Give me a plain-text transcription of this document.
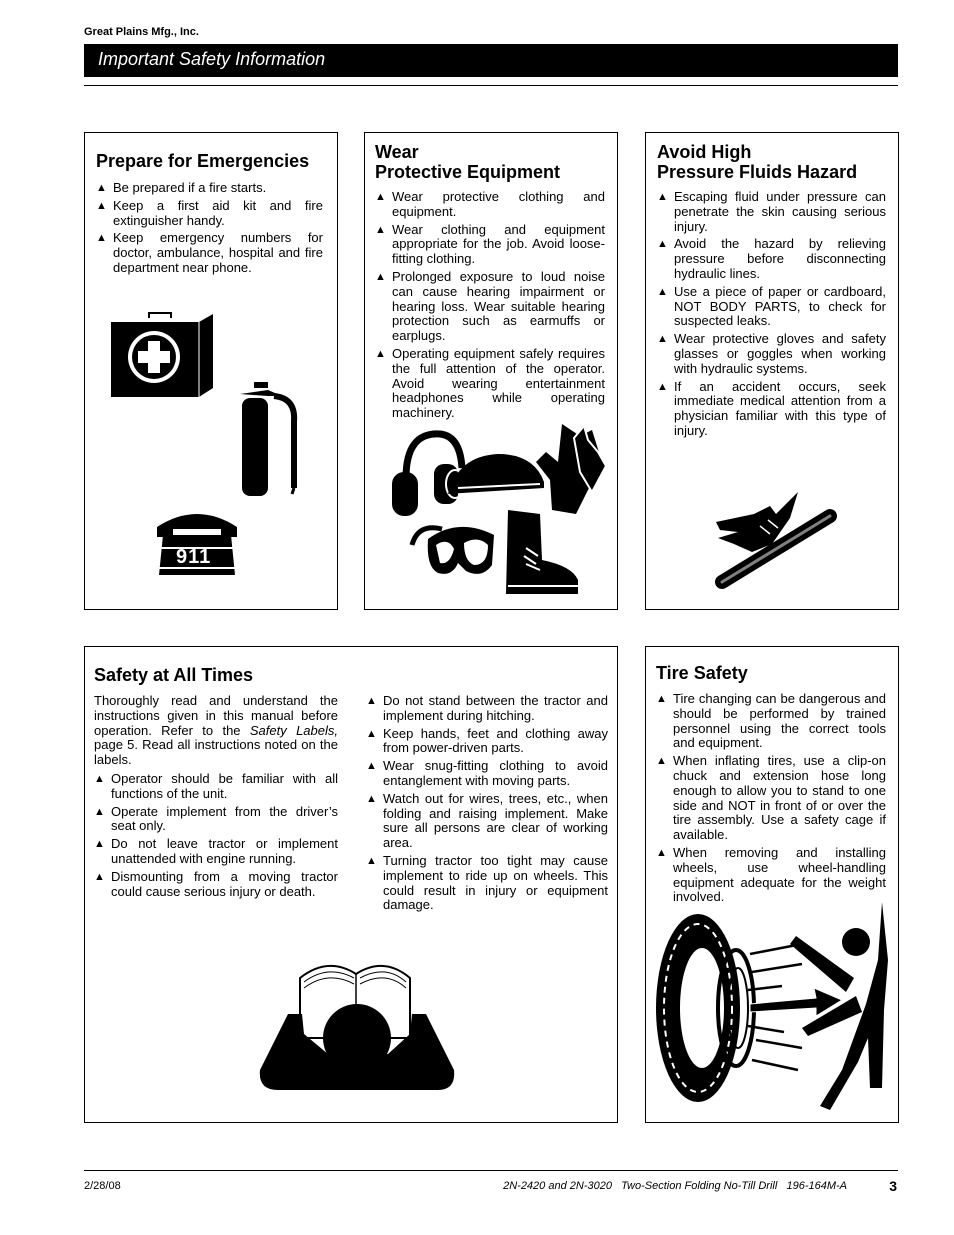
Great Plains Mfg., Inc.
Important Safety Information
Prepare for Emergencies
▲ Be prepared if a fire starts.
▲ Keep a first aid kit and fire extinguisher handy.
▲ Keep emergency numbers for doctor, ambulance, hospital and fire department near phone.
911
Wear
Protective Equipment
▲ Wear protective clothing and equipment.
▲ Wear clothing and equipment appropriate for the job. Avoid loose-fitting clothing.
▲ Prolonged exposure to loud noise can cause hearing impairment or hearing loss. Wear suitable hearing protection such as earmuffs or earplugs.
▲ Operating equipment safely requires the full attention of the operator. Avoid wearing entertainment headphones while operating machinery.
Avoid High
Pressure Fluids Hazard
▲ Escaping fluid under pressure can penetrate the skin causing serious injury.
▲ Avoid the hazard by relieving pressure before disconnecting hydraulic lines.
▲ Use a piece of paper or cardboard, NOT BODY PARTS, to check for suspected leaks.
▲ Wear protective gloves and safety glasses or goggles when working with hydraulic systems.
▲ If an accident occurs, seek immediate medical attention from a physician familiar with this type of injury.
Safety at All Times

Thoroughly read and understand the instructions given in this manual before operation. Refer to the Safety Labels, page 5. Read all instructions noted on the labels.

▲ Operator should be familiar with all functions of the unit.
▲ Operate implement from the driver’s seat only.
▲ Do not leave tractor or implement unattended with engine running.
▲ Dismounting from a moving tractor could cause serious injury or death.
▲ Do not stand between the tractor and implement during hitching.
▲ Keep hands, feet and clothing away from power-driven parts.
▲ Wear snug-fitting clothing to avoid entanglement with moving parts.
▲ Watch out for wires, trees, etc., when folding and raising implement. Make sure all persons are clear of working area.
▲ Turning tractor too tight may cause implement to ride up on wheels. This could result in injury or equipment damage.
Tire Safety
▲ Tire changing can be dangerous and should be performed by trained personnel using the correct tools and equipment.
▲ When inflating tires, use a clip-on chuck and extension hose long enough to allow you to stand to one side and NOT in front of or over the tire assembly. Use a safety cage if available.
▲ When removing and installing wheels, use wheel-handling equipment adequate for the weight involved.
2/28/08	2N-2420 and 2N-3020   Two-Section Folding No-Till Drill   196-164M-A	3
